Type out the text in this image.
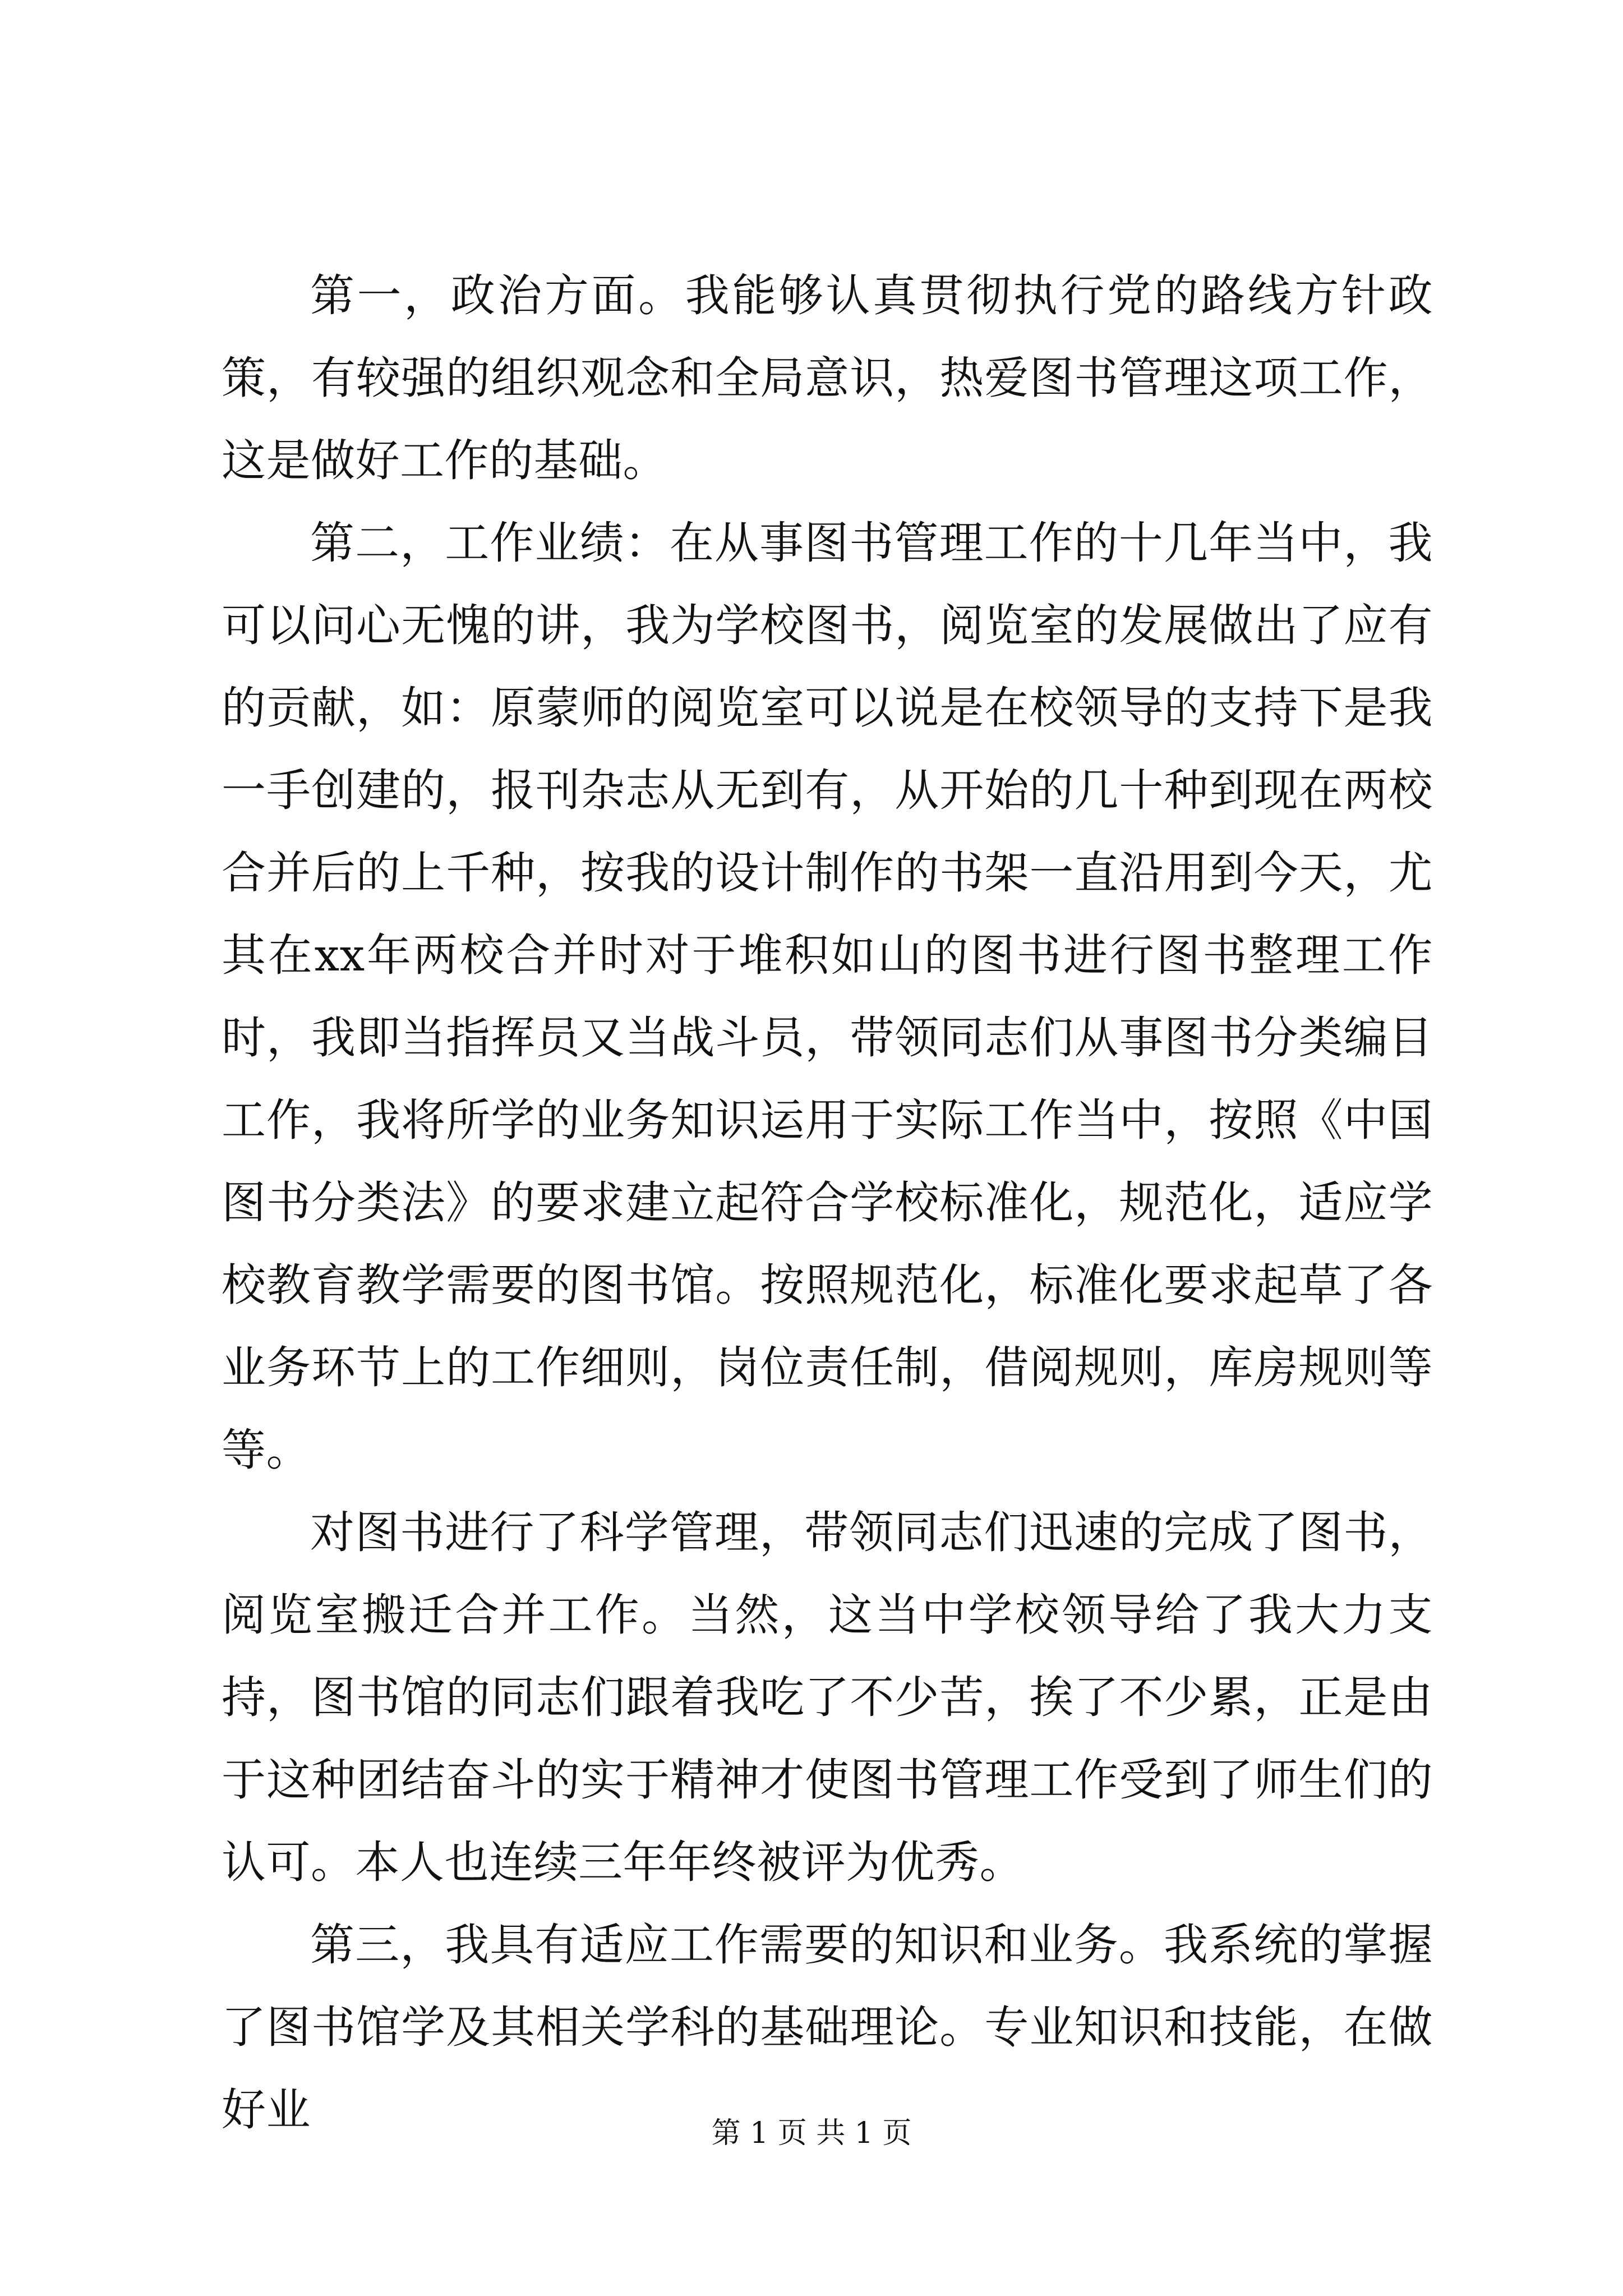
第一，政治方面。我能够认真贯彻执行党的路线方针政策，有较强的组织观念和全局意识，热爱图书管理这项工作，这是做好工作的基础。

第二，工作业绩：在从事图书管理工作的十几年当中，我可以问心无愧的讲，我为学校图书，阅览室的发展做出了应有的贡献，如：原蒙师的阅览室可以说是在校领导的支持下是我一手创建的，报刊杂志从无到有，从开始的几十种到现在两校合并后的上千种，按我的设计制作的书架一直沿用到今天，尤其在xx年两校合并时对于堆积如山的图书进行图书整理工作时，我即当指挥员又当战斗员，带领同志们从事图书分类编目工作，我将所学的业务知识运用于实际工作当中，按照《中国图书分类法》的要求建立起符合学校标准化，规范化，适应学校教育教学需要的图书馆。按照规范化，标准化要求起草了各业务环节上的工作细则，岗位责任制，借阅规则，库房规则等等。

对图书进行了科学管理，带领同志们迅速的完成了图书，阅览室搬迁合并工作。当然，这当中学校领导给了我大力支持，图书馆的同志们跟着我吃了不少苦，挨了不少累，正是由于这种团结奋斗的实于精神才使图书管理工作受到了师生们的认可。本人也连续三年年终被评为优秀。

第三，我具有适应工作需要的知识和业务。我系统的掌握了图书馆学及其相关学科的基础理论。专业知识和技能，在做好业	第 1 页 共 1 页
